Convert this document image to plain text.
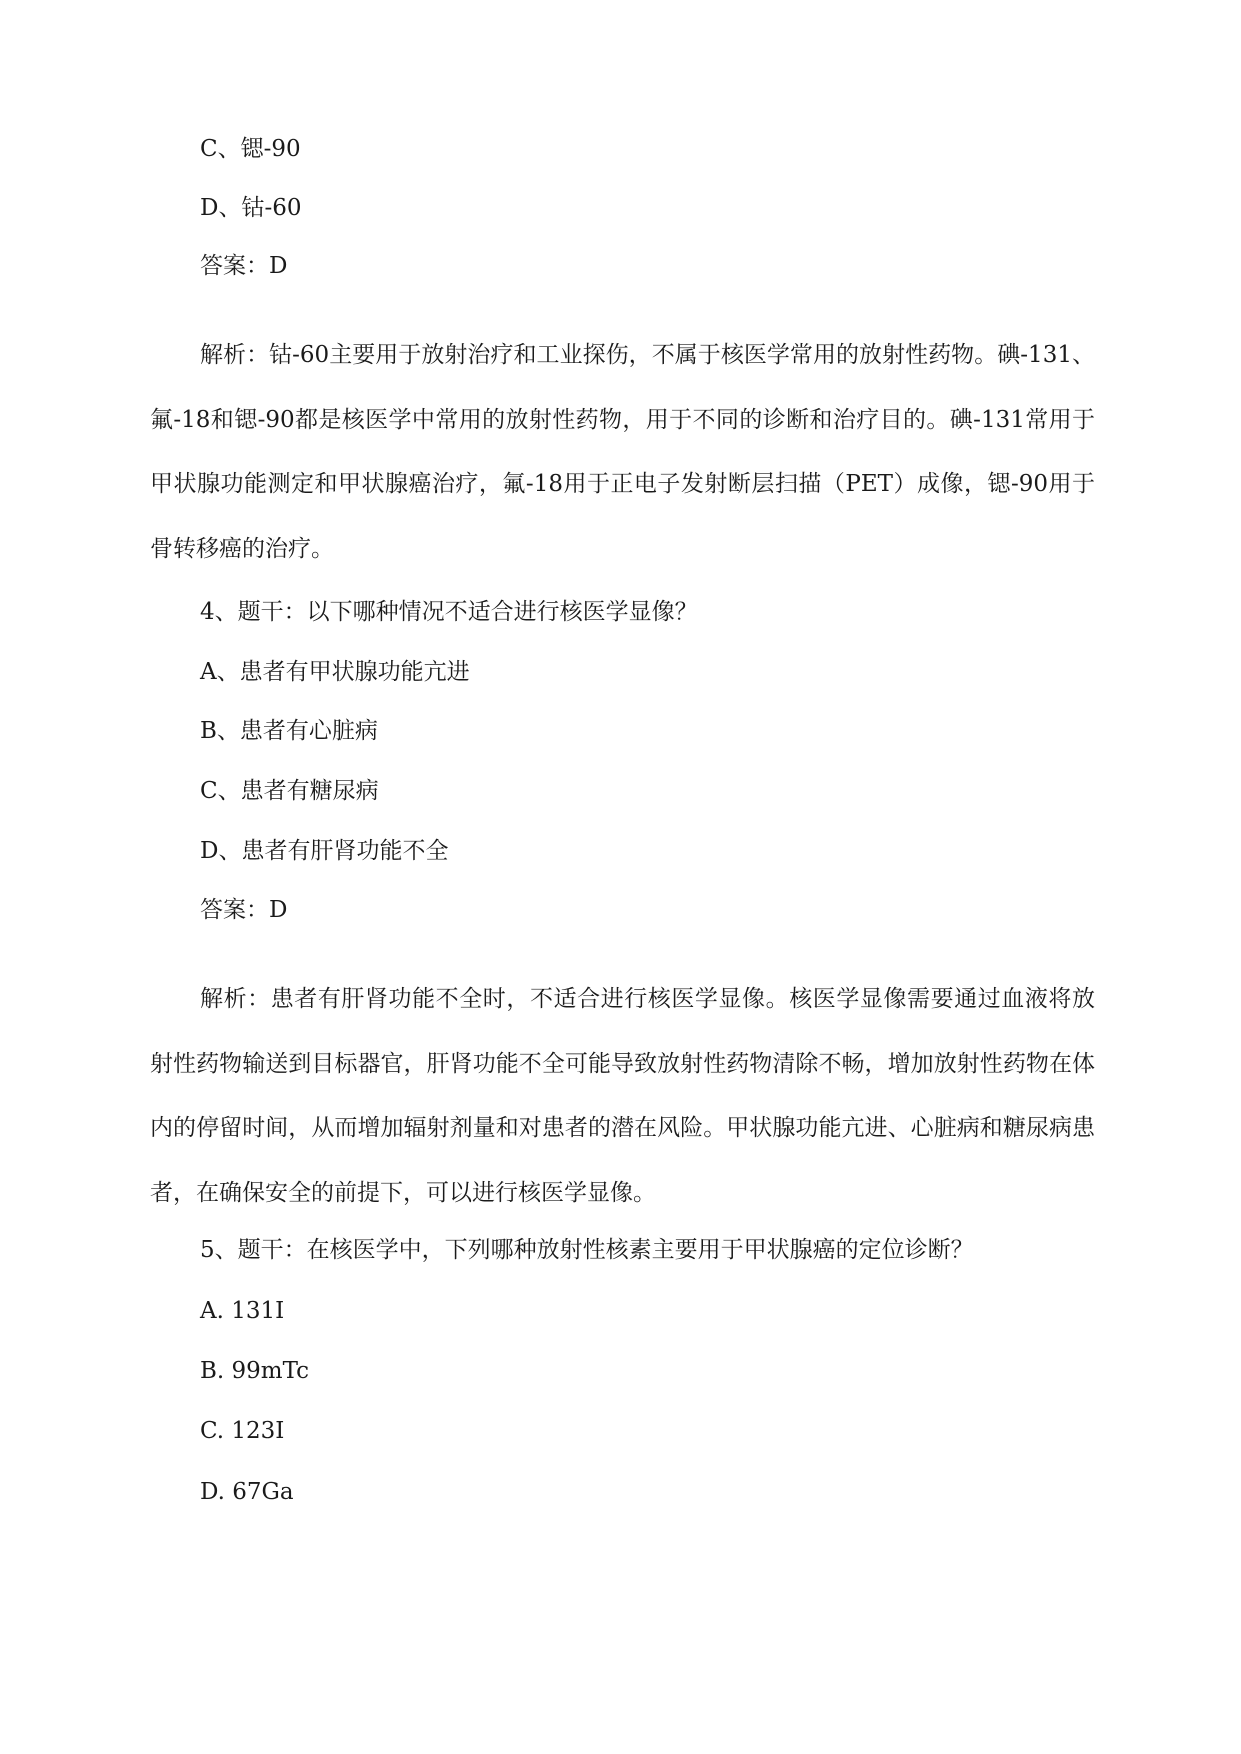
C、锶-90
D、钴-60
答案：D
解析：钴-60主要用于放射治疗和工业探伤，不属于核医学常用的放射性药物。碘-131、氟-18和锶-90都是核医学中常用的放射性药物，用于不同的诊断和治疗目的。碘-131常用于甲状腺功能测定和甲状腺癌治疗，氟-18用于正电子发射断层扫描（PET）成像，锶-90用于骨转移癌的治疗。
4、题干：以下哪种情况不适合进行核医学显像？
A、患者有甲状腺功能亢进
B、患者有心脏病
C、患者有糖尿病
D、患者有肝肾功能不全
答案：D
解析：患者有肝肾功能不全时，不适合进行核医学显像。核医学显像需要通过血液将放射性药物输送到目标器官，肝肾功能不全可能导致放射性药物清除不畅，增加放射性药物在体内的停留时间，从而增加辐射剂量和对患者的潜在风险。甲状腺功能亢进、心脏病和糖尿病患者，在确保安全的前提下，可以进行核医学显像。
5、题干：在核医学中，下列哪种放射性核素主要用于甲状腺癌的定位诊断？
A. 131I
B. 99mTc
C. 123I
D. 67Ga
